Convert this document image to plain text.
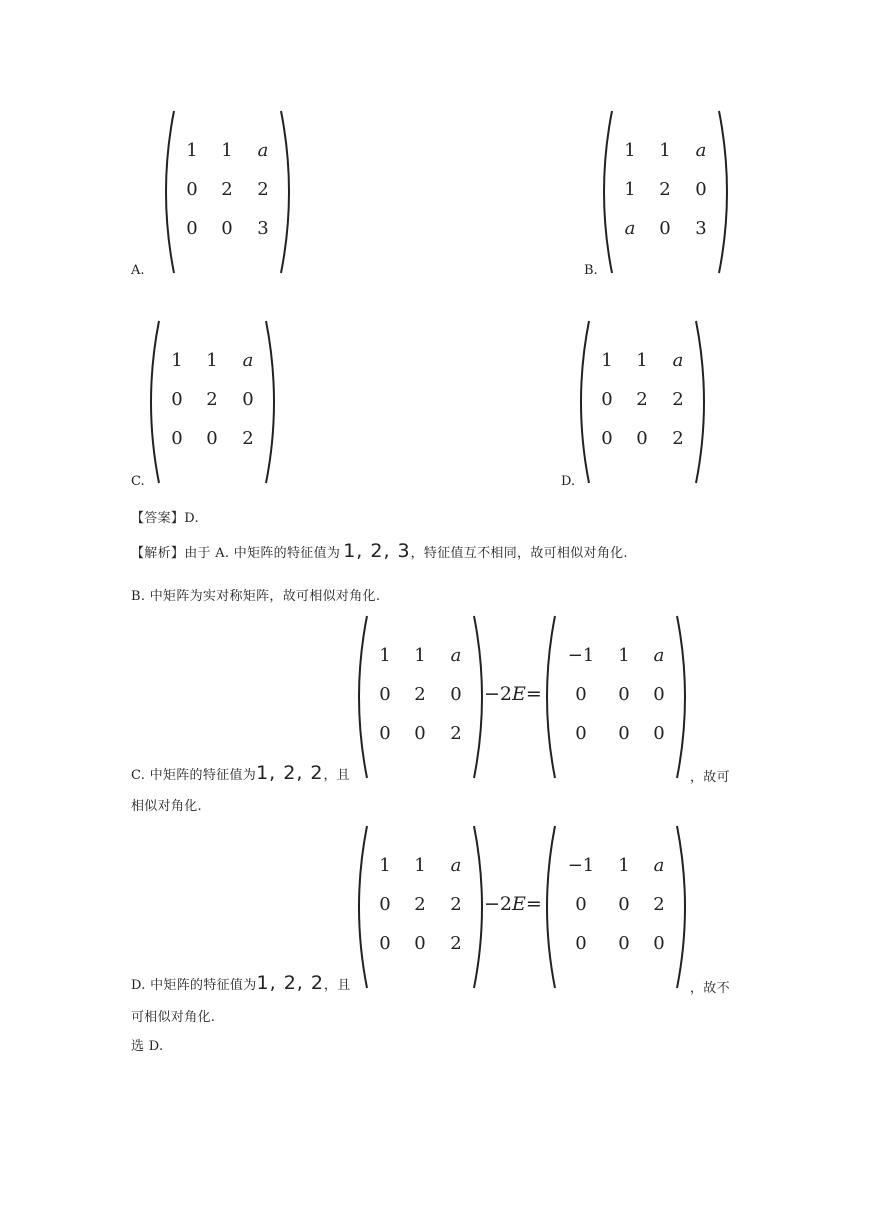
1	1	a
0	2	2
0	0	3
A.
1	1	a
1	2	0
a	0	3
B.
1	1	a
0	2	0
0	0	2
C.
1	1	a
0	2	2
0	0	2
D.
【答案】D.
【解析】由于 A. 中矩阵的特征值为 1, 2, 3，特征值互不相同，故可相似对角化.
B. 中矩阵为实对称矩阵，故可相似对角化.
C. 中矩阵的特征值为1, 2, 2，且
1	1	a
0	2	0
0	0	2
−2E=
−1	1	a
0	0	0
0	0	0
，故可
相似对角化.
D. 中矩阵的特征值为1, 2, 2，且
1	1	a
0	2	2
0	0	2
−2E=
−1	1	a
0	0	2
0	0	0
，故不
可相似对角化.
选 D.
